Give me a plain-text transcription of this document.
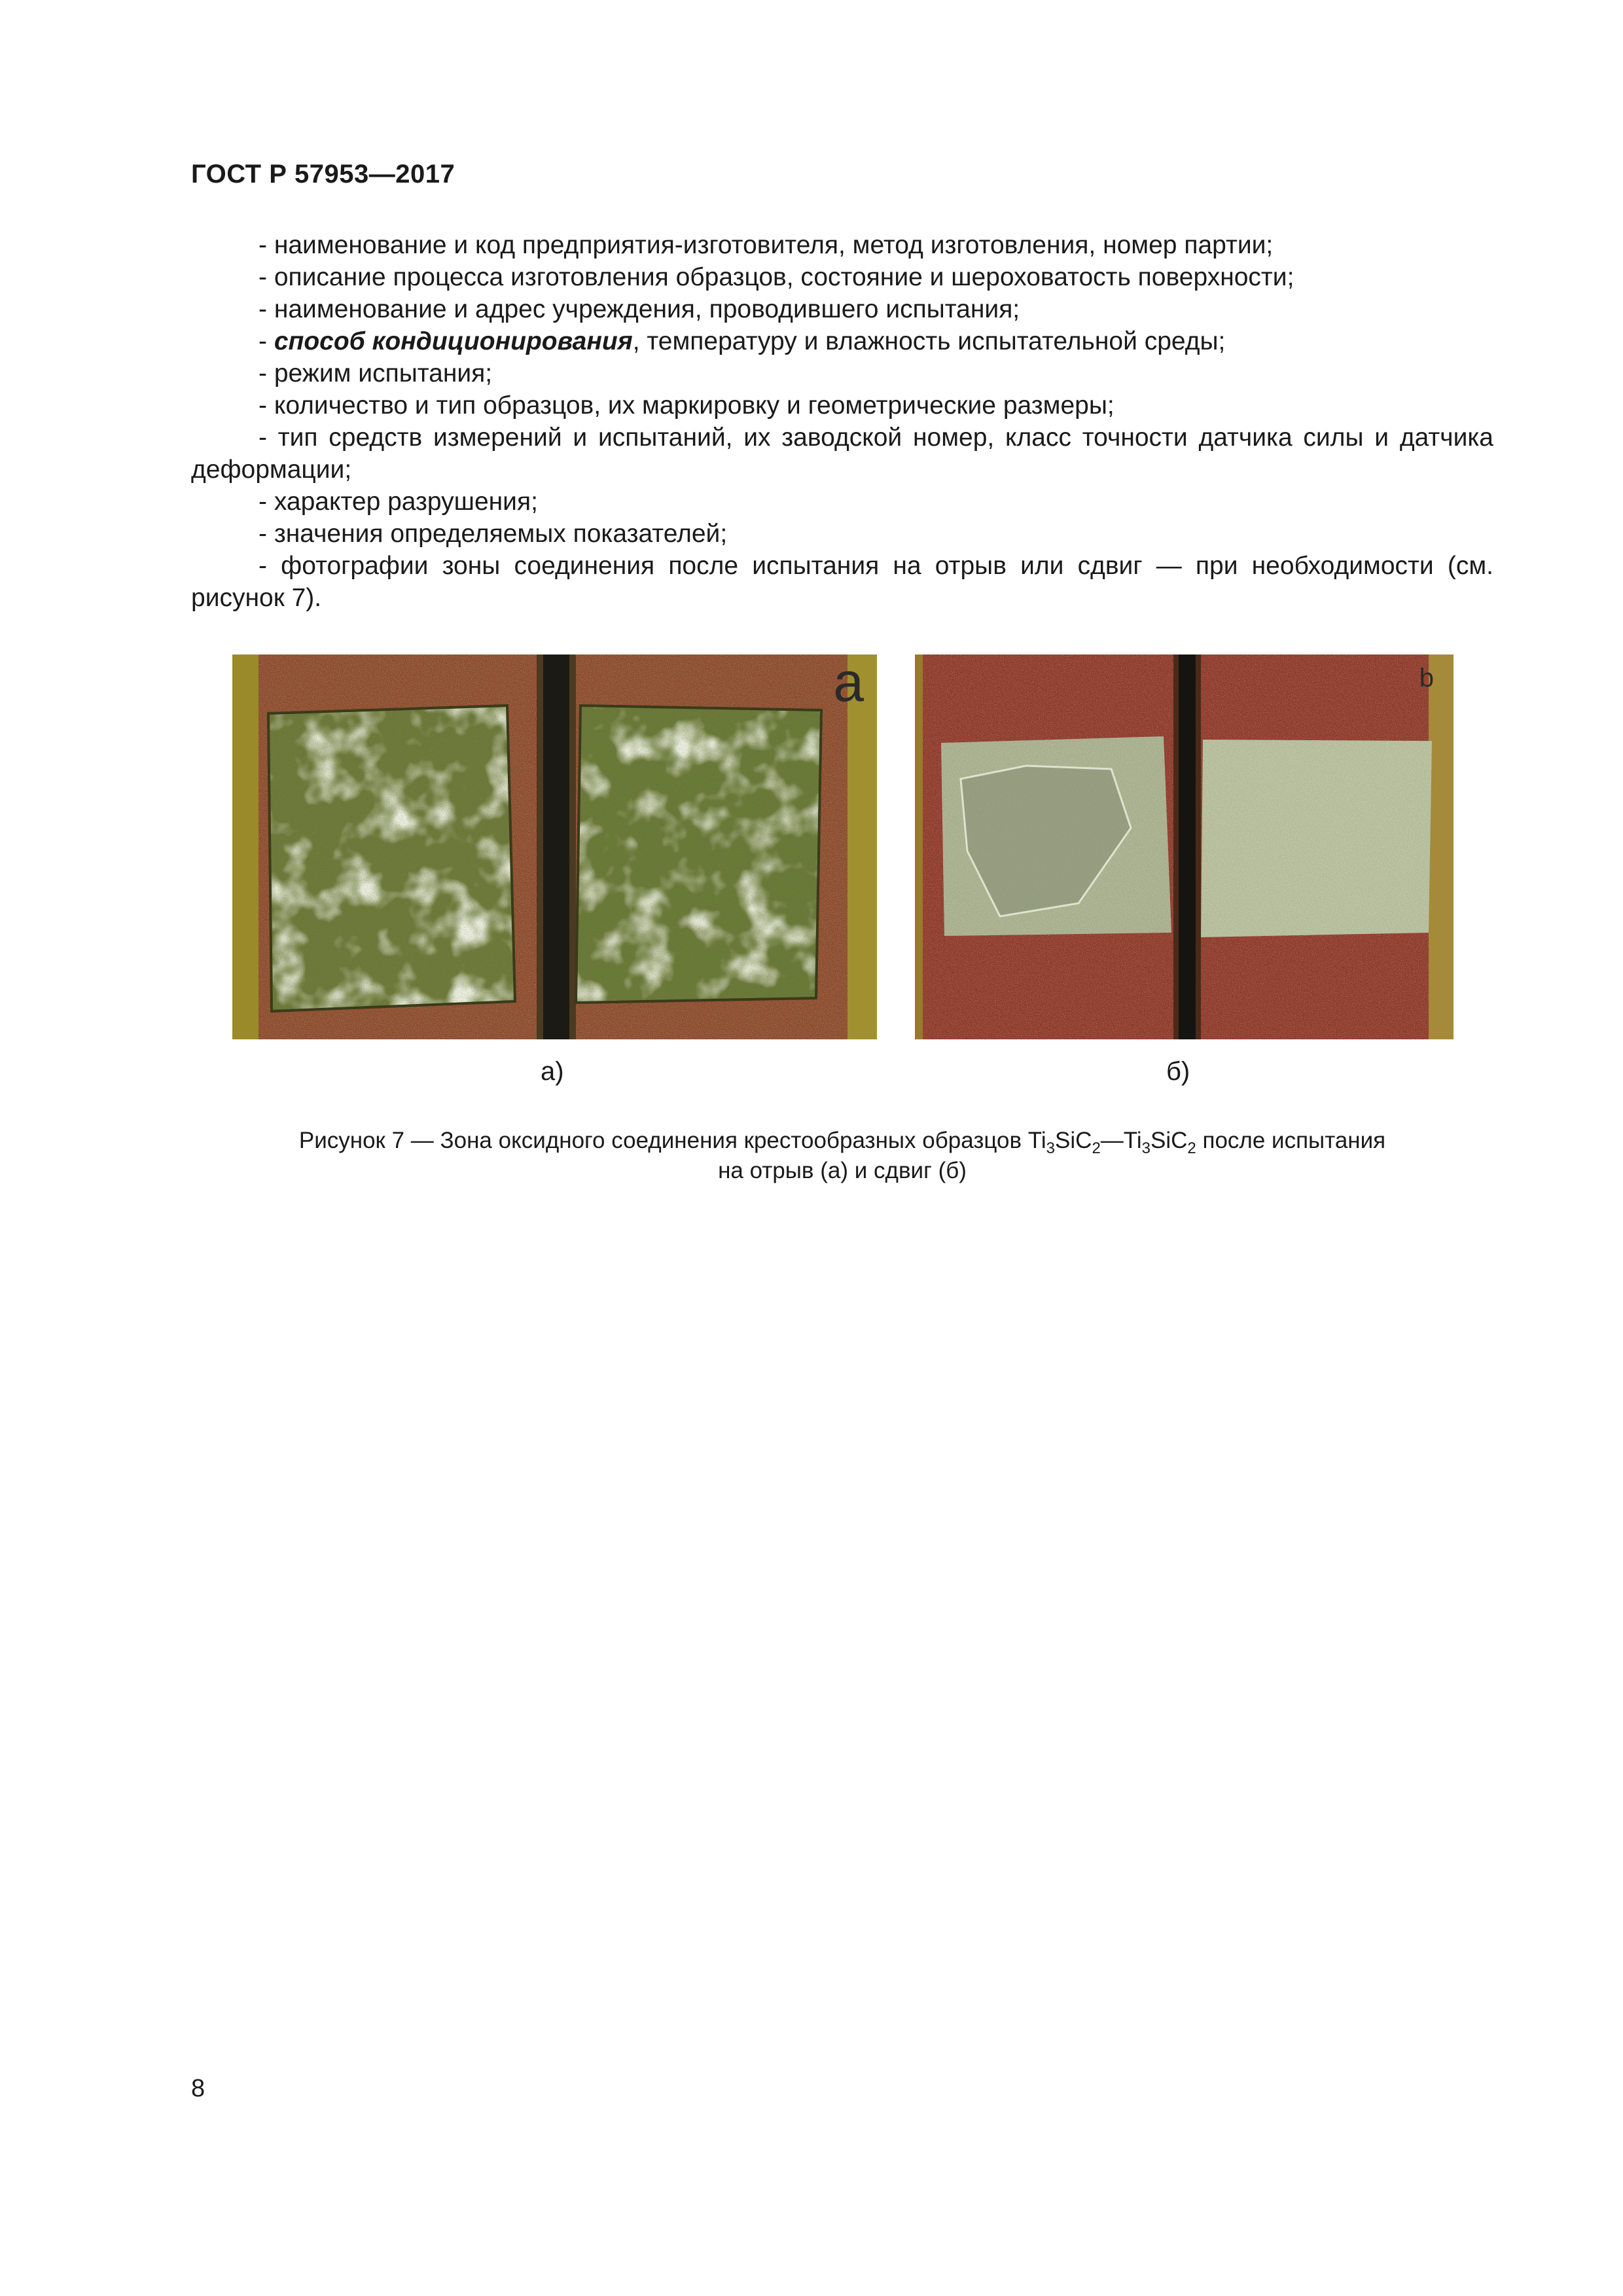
ГОСТ Р 57953—2017
- наименование и код предприятия-изготовителя, метод изготовления, номер партии;
- описание процесса изготовления образцов, состояние и шероховатость поверхности;
- наименование и адрес учреждения, проводившего испытания;
- способ кондиционирования, температуру и влажность испытательной среды;
- режим испытания;
- количество и тип образцов, их маркировку и геометрические размеры;
- тип средств измерений и испытаний, их заводской номер, класс точности датчика силы и датчика деформации;
- характер разрушения;
- значения определяемых показателей;
- фотографии зоны соединения после испытания на отрыв или сдвиг — при необходимости (см. рисунок 7).
a	b
а)	б)
Рисунок 7 — Зона оксидного соединения крестообразных образцов $Ti_3SiC_2—Ti_3SiC_2$ после испытания
на отрыв (а) и сдвиг (б)
8
